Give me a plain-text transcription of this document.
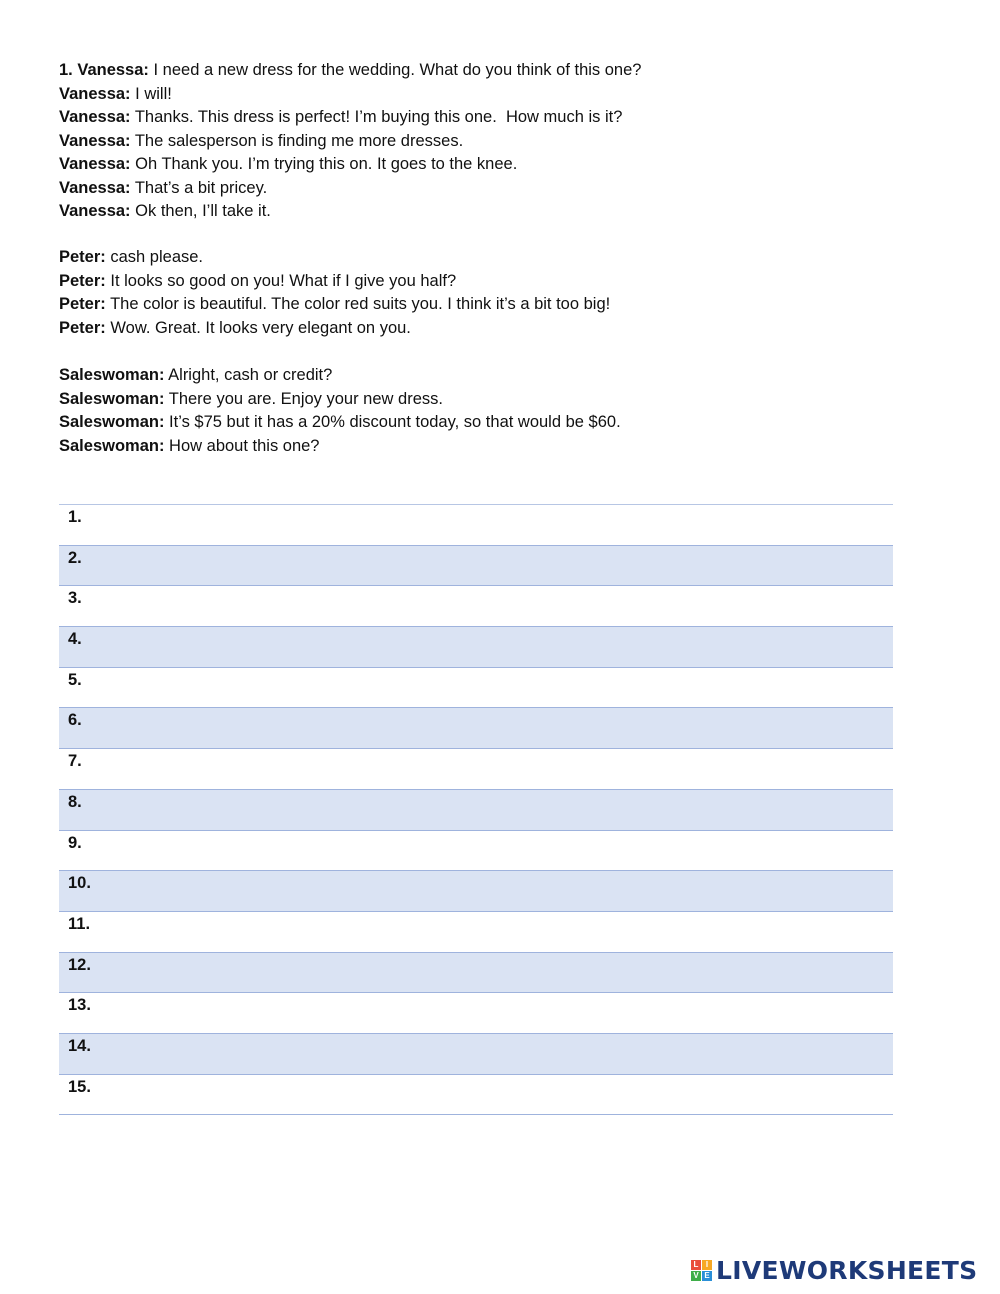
1. Vanessa: I need a new dress for the wedding. What do you think of this one?
Vanessa: I will!
Vanessa: Thanks. This dress is perfect! I’m buying this one.  How much is it?
Vanessa: The salesperson is finding me more dresses.
Vanessa: Oh Thank you. I’m trying this on. It goes to the knee.
Vanessa: That’s a bit pricey.
Vanessa: Ok then, I’ll take it.
Peter: cash please.
Peter: It looks so good on you! What if I give you half?
Peter: The color is beautiful. The color red suits you. I think it’s a bit too big!
Peter: Wow. Great. It looks very elegant on you.
Saleswoman: Alright, cash or credit?
Saleswoman: There you are. Enjoy your new dress.
Saleswoman: It’s $75 but it has a 20% discount today, so that would be $60.
Saleswoman: How about this one?
1.
2.
3.
4.
5.
6.
7.
8.
9.
10.
11.
12.
13.
14.
15.
L I
V E LIVEWORKSHEETS
